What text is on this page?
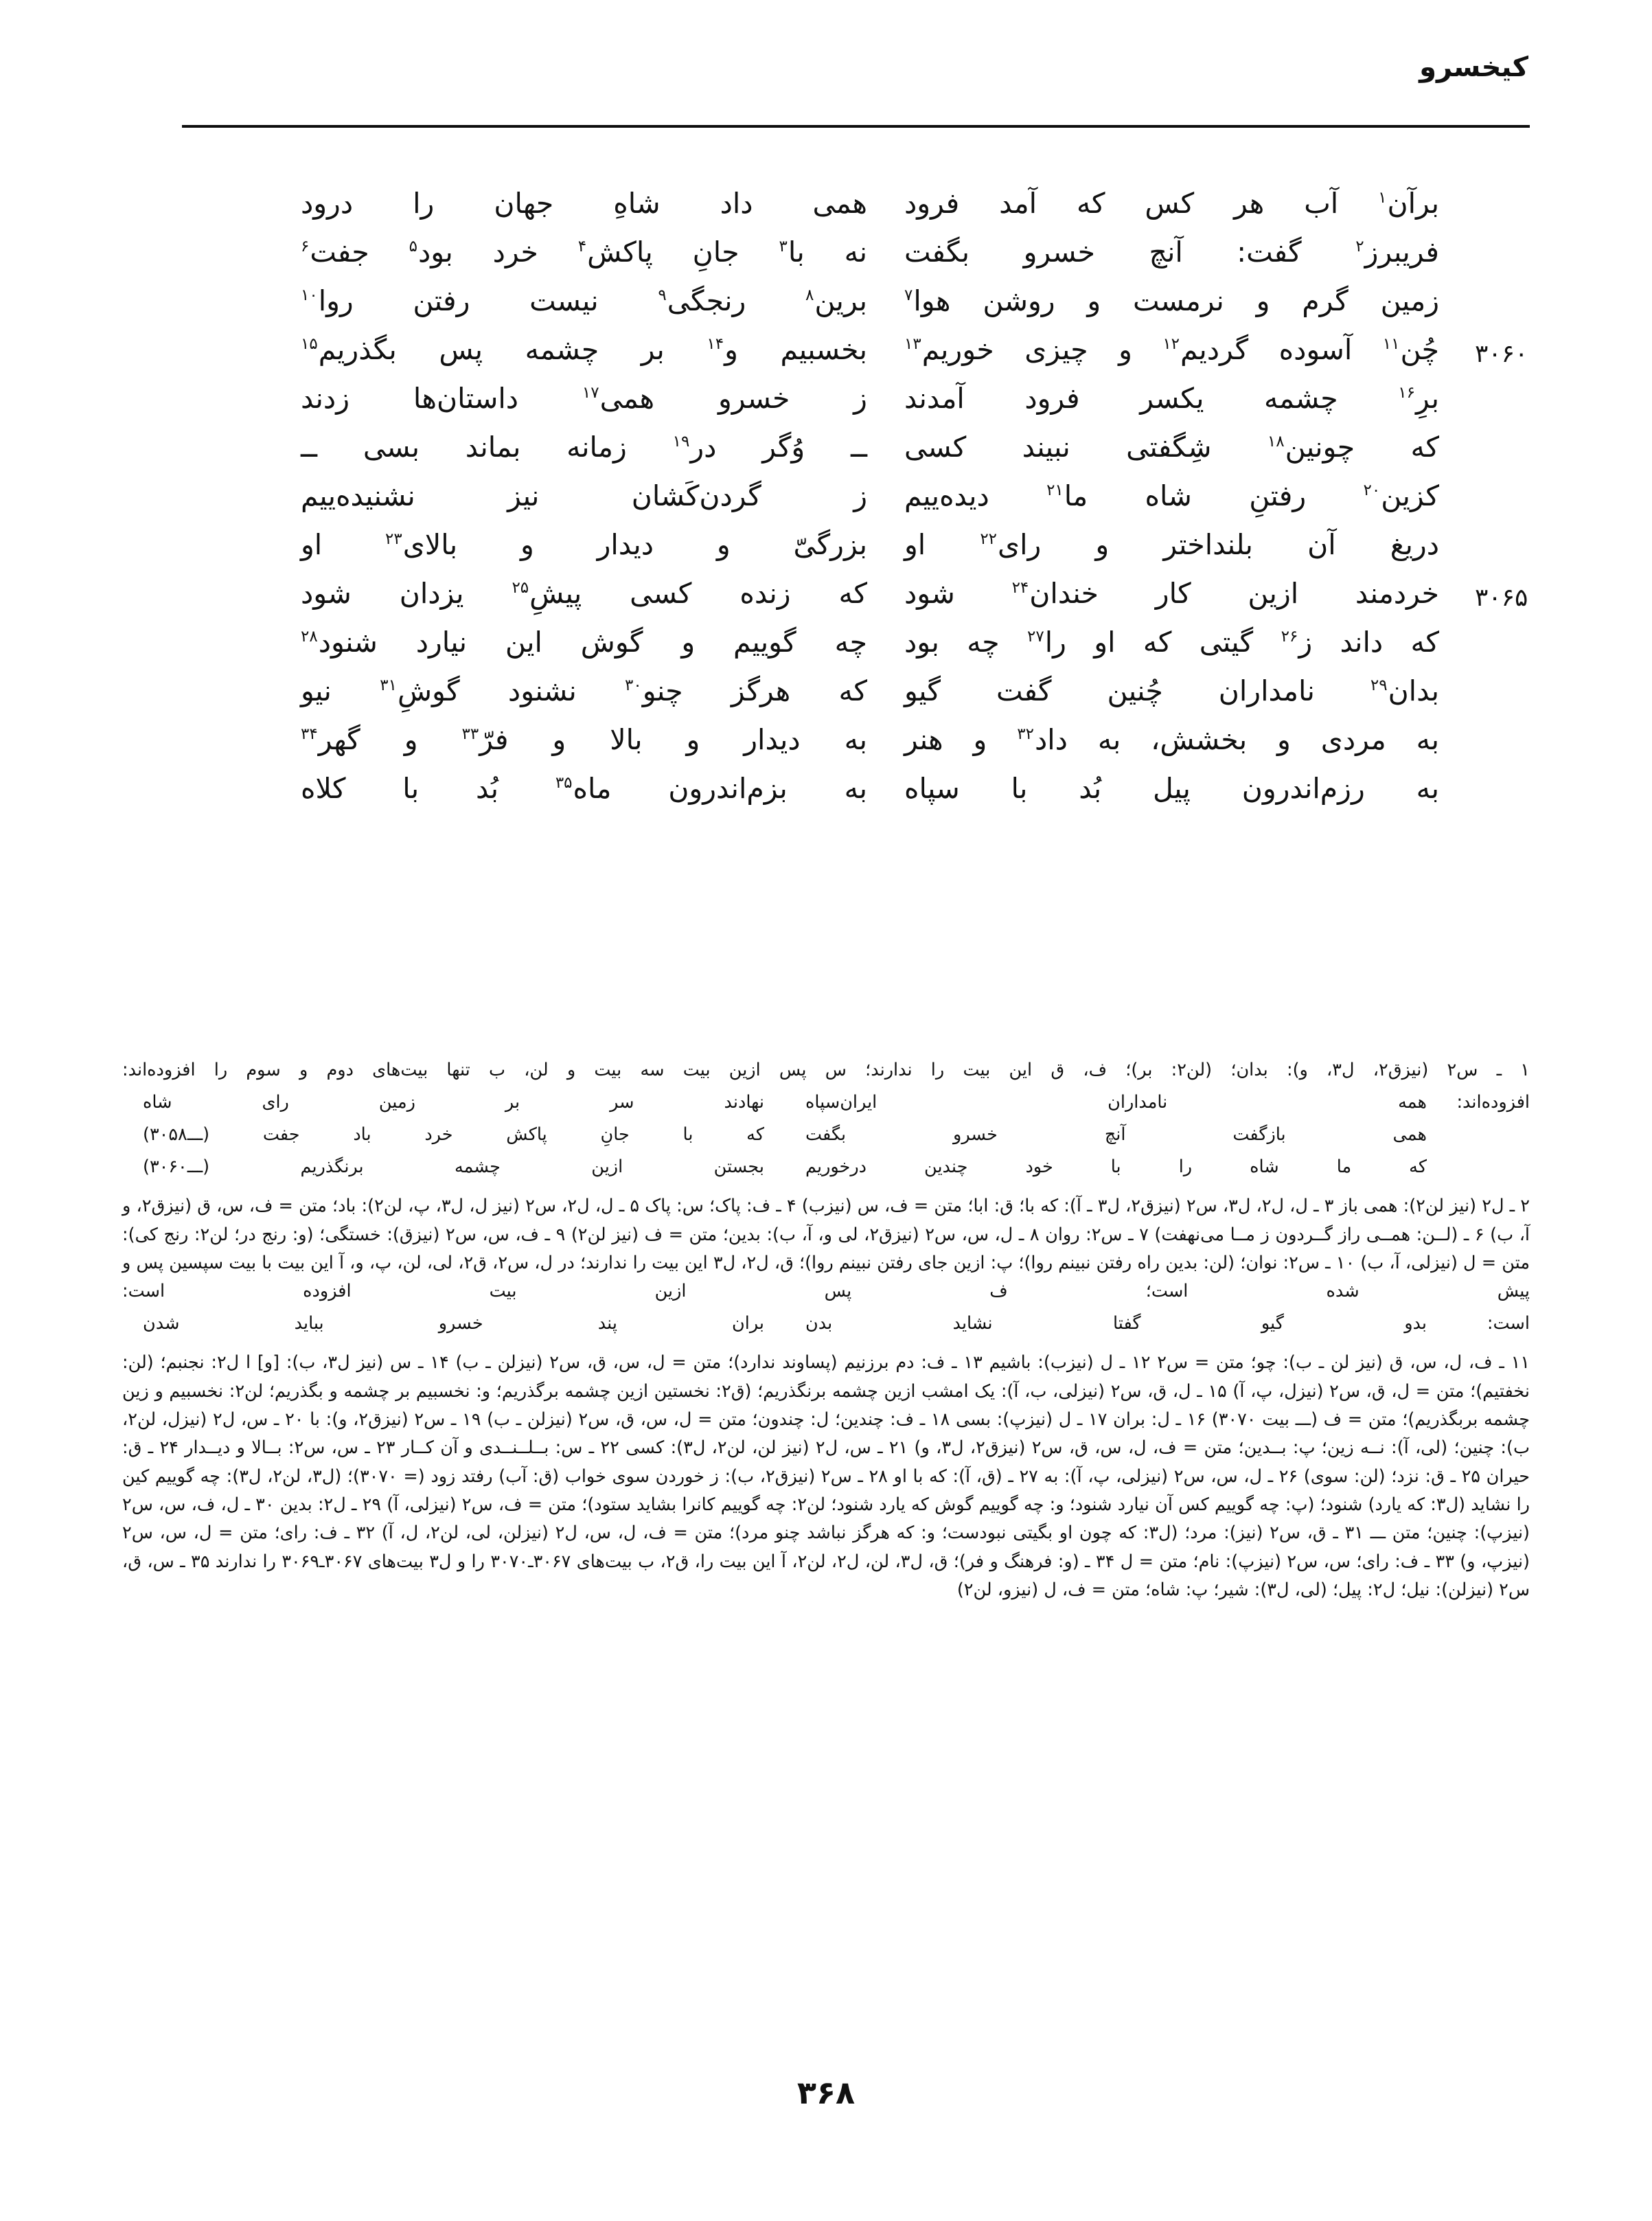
کیخسرو
برآن$^۱$ آب هر کس که آمد فرود
همی داد شاهِ جهان را درود
فریبرز$^۲$ گفت: آنچ خسرو بگفت
نه با$^۳$ جانِ پاکش$^۴$ خرد بود$^۵$ جفت$^۶$
زمین گرم و نرمست و روشن هوا$^۷$
برین$^۸$ رنجگی$^۹$ نیست رفتن روا$^{۱۰}$
۳۰۶۰
چُن$^{۱۱}$ آسوده گردیم$^{۱۲}$ و چیزی خوریم$^{۱۳}$
بخسبیم و$^{۱۴}$ بر چشمه پس بگذریم$^{۱۵}$
برِ$^{۱۶}$ چشمه یکسر فرود آمدند
ز خسرو همی$^{۱۷}$ داستان‌ها زدند
که چونین$^{۱۸}$ شِگفتی نبیند کسی
ــ وُگر در$^{۱۹}$ زمانه بماند بسی ــ
کزین$^{۲۰}$ رفتنِ شاه ما$^{۲۱}$ دیده‌ییم
ز گردن‌کَشان نیز نشنیده‌ییم
دریغ آن بلنداختر و رای$^{۲۲}$ او
بزرگیّ و دیدار و بالای$^{۲۳}$ او
۳۰۶۵
خردمند ازین کار خندان$^{۲۴}$ شود
که زنده کسی پیشِ$^{۲۵}$ یزدان شود
که داند ز$^{۲۶}$ گیتی که او را$^{۲۷}$ چه بود
چه گوییم و گوش این نیارد شنود$^{۲۸}$
بدان$^{۲۹}$ نامداران چُنین گفت گیو
که هرگز چنو$^{۳۰}$ نشنود گوشِ$^{۳۱}$ نیو
به مردی و بخشش، به داد$^{۳۲}$ و هنر
به دیدار و بالا و فرّ$^{۳۳}$ و گهر$^{۳۴}$
به رزم‌اندرون پیل بُد با سپاه
به بزم‌اندرون ماه$^{۳۵}$ بُد با کلاه
۱ ـ س۲ (نیزق۲، ل۳، و): بدان؛ (لن۲: بر)؛ ف، ق این بیت را ندارند؛ س پس ازین بیت سه بیت و لن، ب تنها بیت‌های دوم و سوم را افزوده‌اند:
افزوده‌اند:
همه نامداران ایران‌سپاه
نهادند سر بر زمین رای شاه
همی بازگفت آنچ خسرو بگفت
که با جانِ پاکش خرد باد جفت (ـــ۳۰۵۸)
که ما شاه را با خود چندین درخوریم
بجستن ازین چشمه برنگذریم (ـــ۳۰۶۰)
۲ ـ ل۲ (نیز لن۲): همی باز ۳ ـ ل، ل۲، ل۳، س۲ (نیزق۲، ل۳ ـ آ): که با؛ ق: ابا؛ متن = ف، س (نیزب) ۴ ـ ف: پاک؛ س: پاک ۵ ـ ل، ل۲، س۲ (نیز ل، ل۳، پ، لن۲): باد؛ متن = ف، س، ق (نیزق۲، و آ، ب) ۶ ـ (لــن: همــی راز گــردون ز مــا می‌نهفت) ۷ ـ س۲: روان ۸ ـ ل، س، س۲ (نیزق۲، لی و، آ، ب): بدین؛ متن = ف (نیز لن۲) ۹ ـ ف، س، س۲ (نیزق): خستگی؛ (و: رنج در؛ لن۲: رنج کی): متن = ل (نیزلی، آ، ب) ۱۰ ـ س۲: نوان؛ (لن: بدین راه رفتن نبینم روا)؛ پ: ازین جای رفتن نبینم روا)؛ ق، ل۲، ل۳ این بیت را ندارند؛ در ل، س۲، ق۲، لی، لن، پ، و، آ این بیت با بیت سپسین پس و پیش شده است؛ ف پس ازین بیت افزوده است:
است:
بدو گیو گفتا نشاید بدن
بران پند خسرو بباید شدن
۱۱ ـ ف، ل، س، ق (نیز لن ـ ب): چو؛ متن = س۲ ۱۲ ـ ل (نیزب): باشیم ۱۳ ـ ف: دم برزنیم (پساوند ندارد)؛ متن = ل، س، ق، س۲ (نیزلن ـ ب) ۱۴ ـ س (نیز ل۳، ب): [و] ا ل۲: نجنبم؛ (لن: نخفتیم)؛ متن = ل، ق، س۲ (نیزل، پ، آ) ۱۵ ـ ل، ق، س۲ (نیزلی، ب، آ): یک امشب ازین چشمه برنگذریم؛ (ق۲: نخستین ازین چشمه برگذریم؛ و: نخسبیم بر چشمه و بگذریم؛ لن۲: نخسبیم و زین چشمه بربگذریم)؛ متن = ف (ـــ بیت ۳۰۷۰) ۱۶ ـ ل: بران ۱۷ ـ ل (نیزپ): بسی ۱۸ ـ ف: چندین؛ ل: چندون؛ متن = ل، س، ق، س۲ (نیزلن ـ ب) ۱۹ ـ س۲ (نیزق۲، و): با ۲۰ ـ س، ل۲ (نیزل، لن۲، ب): چنین؛ (لی، آ): نــه زین؛ پ: بــدین؛ متن = ف، ل، س، ق، س۲ (نیزق۲، ل۳، و) ۲۱ ـ س، ل۲ (نیز لن، لن۲، ل۳): کسی ۲۲ ـ س: بــلــنــدی و آن کــار ۲۳ ـ س، س۲: بــالا و دیــدار ۲۴ ـ ق: حیران ۲۵ ـ ق: نزد؛ (لن: سوی) ۲۶ ـ ل، س، س۲ (نیزلی، پ، آ): به ۲۷ ـ (ق، آ): که با او ۲۸ ـ س۲ (نیزق۲، ب): ز خوردن سوی خواب (ق: آب) رفتد زود (= ۳۰۷۰)؛ (ل۳، لن۲، ل۳): چه گوییم کین را نشاید (ل۳: که یارد) شنود؛ (پ: چه گوییم کس آن نیارد شنود؛ و: چه گوییم گوش که یارد شنود؛ لن۲: چه گوییم کانرا بشاید ستود)؛ متن = ف، س۲ (نیزلی، آ) ۲۹ ـ ل۲: بدین ۳۰ ـ ل، ف، س، س۲ (نیزپ): چنین؛ متن ـــ ۳۱ ـ ق، س۲ (نیز): مرد؛ (ل۳: که چون او بگیتی نبودست؛ و: که هرگز نباشد چنو مرد)؛ متن = ف، ل، س، ل۲ (نیزلن، لی، لن۲، ل، آ) ۳۲ ـ ف: رای؛ متن = ل، س، س۲ (نیزپ، و) ۳۳ ـ ف: رای؛ س، س۲ (نیزپ): نام؛ متن = ل ۳۴ ـ (و: فرهنگ و فر)؛ ق، ل۳، لن، ل۲، لن۲، آ این بیت را، ق۲، ب بیت‌های ۳۰۶۷ـ۳۰۷۰ را و ل۳ بیت‌های ۳۰۶۷ـ۳۰۶۹ را ندارند ۳۵ ـ س، ق، س۲ (نیزلن): نیل؛ ل۲: پیل؛ (لی، ل۳): شیر؛ پ: شاه؛ متن = ف، ل (نیزو، لن۲)
۳۶۸
